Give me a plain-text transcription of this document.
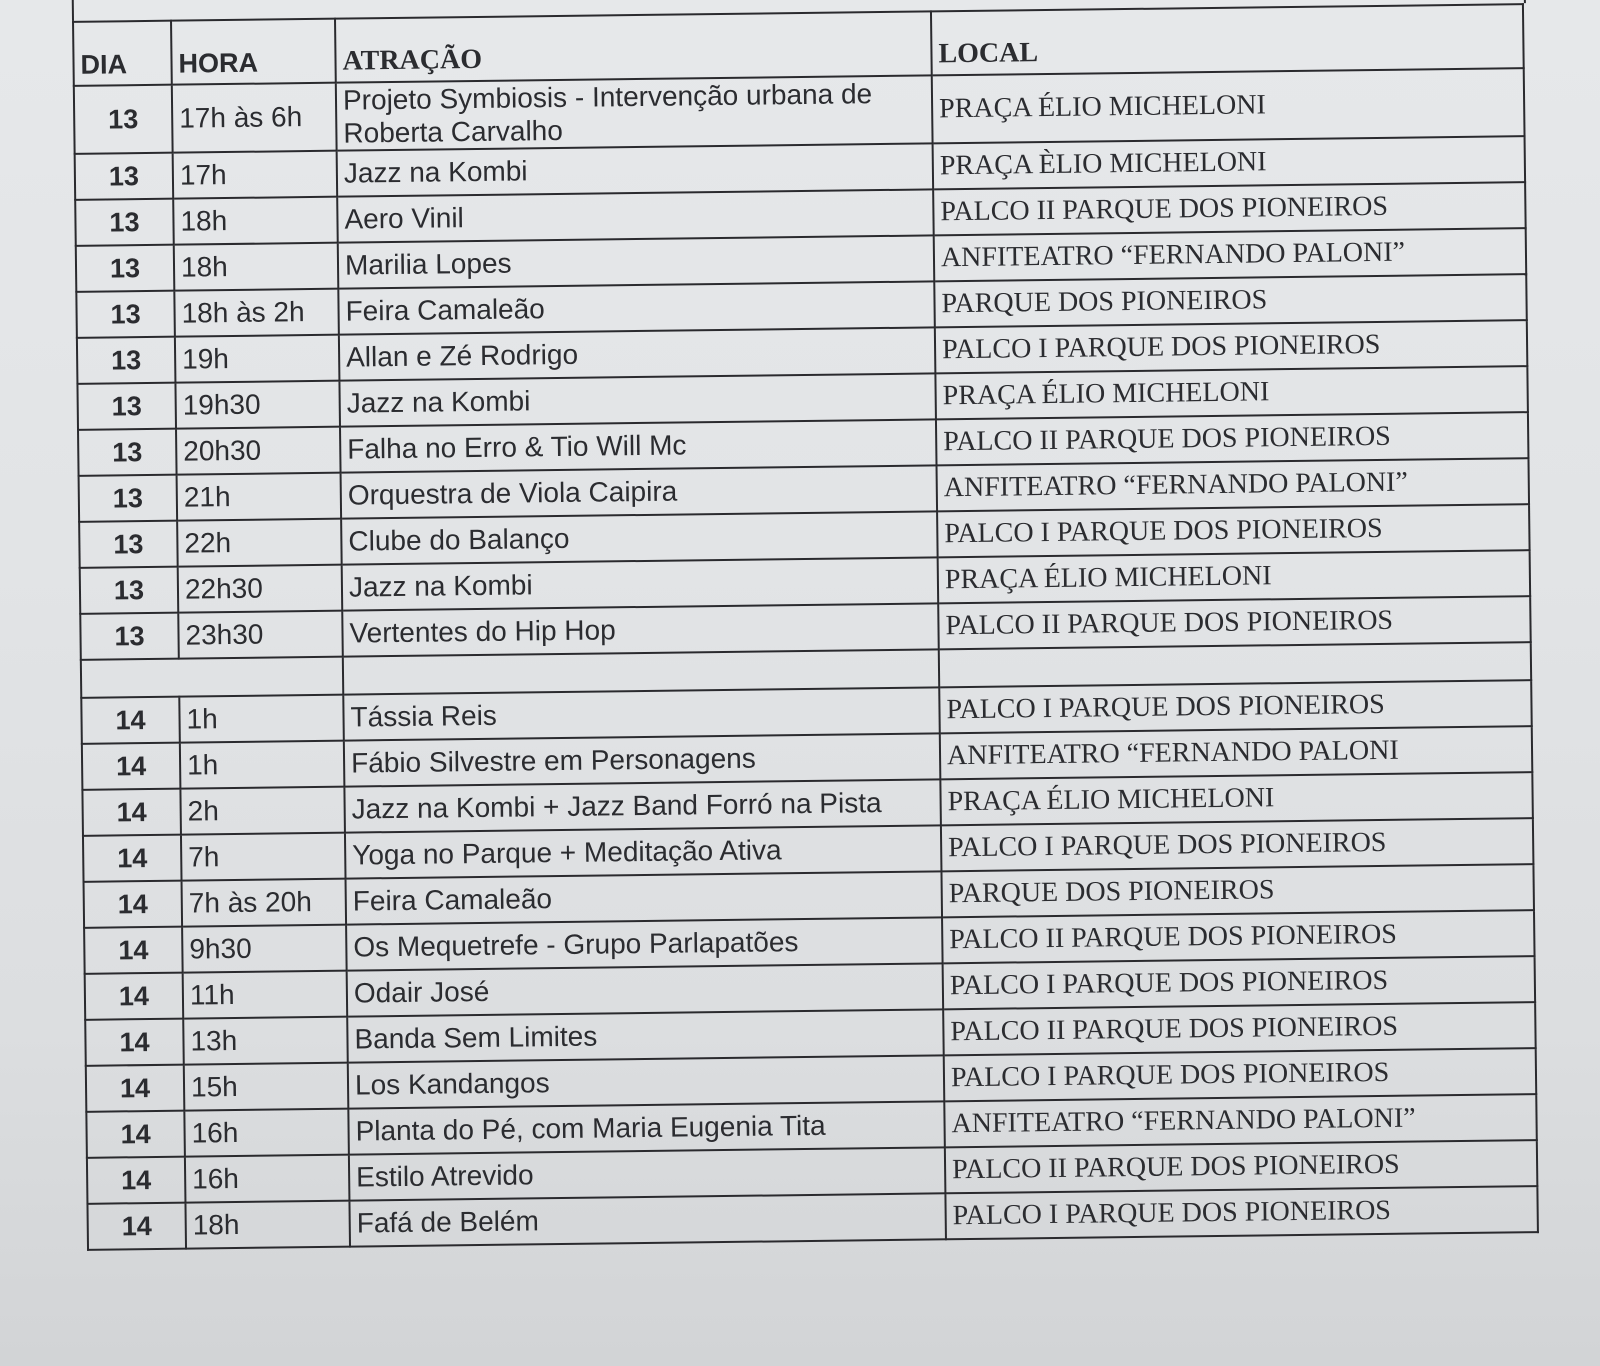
DIA	HORA	ATRAÇÃO	LOCAL
13	17h às 6h	Projeto Symbiosis - Intervenção urbana de Roberta Carvalho	PRAÇA ÉLIO MICHELONI
13	17h	Jazz na Kombi	PRAÇA ÈLIO MICHELONI
13	18h	Aero Vinil	PALCO II PARQUE DOS PIONEIROS
13	18h	Marilia Lopes	ANFITEATRO “FERNANDO PALONI”
13	18h às 2h	Feira Camaleão	PARQUE DOS PIONEIROS
13	19h	Allan e Zé Rodrigo	PALCO I PARQUE DOS PIONEIROS
13	19h30	Jazz na Kombi	PRAÇA ÉLIO MICHELONI
13	20h30	Falha no Erro & Tio Will Mc	PALCO II PARQUE DOS PIONEIROS
13	21h	Orquestra de Viola Caipira	ANFITEATRO “FERNANDO PALONI”
13	22h	Clube do Balanço	PALCO I PARQUE DOS PIONEIROS
13	22h30	Jazz na Kombi	PRAÇA ÉLIO MICHELONI
13	23h30	Vertentes do Hip Hop	PALCO II PARQUE DOS PIONEIROS

14	1h	Tássia Reis	PALCO I PARQUE DOS PIONEIROS
14	1h	Fábio Silvestre em Personagens	ANFITEATRO “FERNANDO PALONI
14	2h	Jazz na Kombi + Jazz Band Forró na Pista	PRAÇA ÉLIO MICHELONI
14	7h	Yoga no Parque + Meditação Ativa	PALCO I PARQUE DOS PIONEIROS
14	7h às 20h	Feira Camaleão	PARQUE DOS PIONEIROS
14	9h30	Os Mequetrefe - Grupo Parlapatões	PALCO II PARQUE DOS PIONEIROS
14	11h	Odair José	PALCO I PARQUE DOS PIONEIROS
14	13h	Banda Sem Limites	PALCO II PARQUE DOS PIONEIROS
14	15h	Los Kandangos	PALCO I PARQUE DOS PIONEIROS
14	16h	Planta do Pé, com Maria Eugenia Tita	ANFITEATRO “FERNANDO PALONI”
14	16h	Estilo Atrevido	PALCO II PARQUE DOS PIONEIROS
14	18h	Fafá de Belém	PALCO I PARQUE DOS PIONEIROS
